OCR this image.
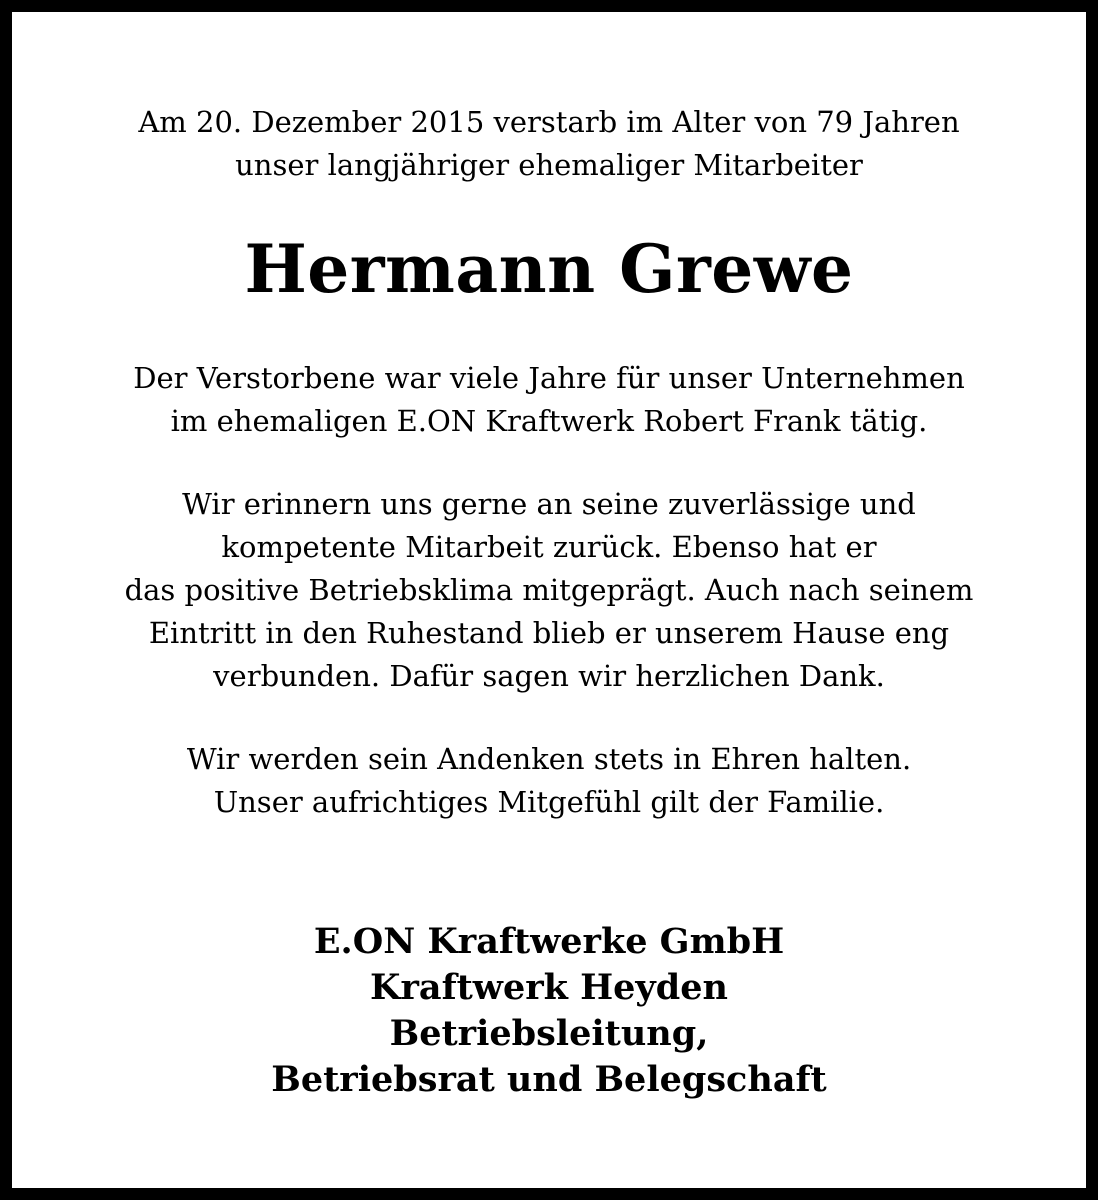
Am 20. Dezember 2015 verstarb im Alter von 79 Jahren
unser langjähriger ehemaliger Mitarbeiter
Hermann Grewe
Der Verstorbene war viele Jahre für unser Unternehmen
im ehemaligen E.ON Kraftwerk Robert Frank tätig.
Wir erinnern uns gerne an seine zuverlässige und
kompetente Mitarbeit zurück. Ebenso hat er
das positive Betriebsklima mitgeprägt. Auch nach seinem
Eintritt in den Ruhestand blieb er unserem Hause eng
verbunden. Dafür sagen wir herzlichen Dank.
Wir werden sein Andenken stets in Ehren halten.
Unser aufrichtiges Mitgefühl gilt der Familie.
E.ON Kraftwerke GmbH
Kraftwerk Heyden
Betriebsleitung,
Betriebsrat und Belegschaft
